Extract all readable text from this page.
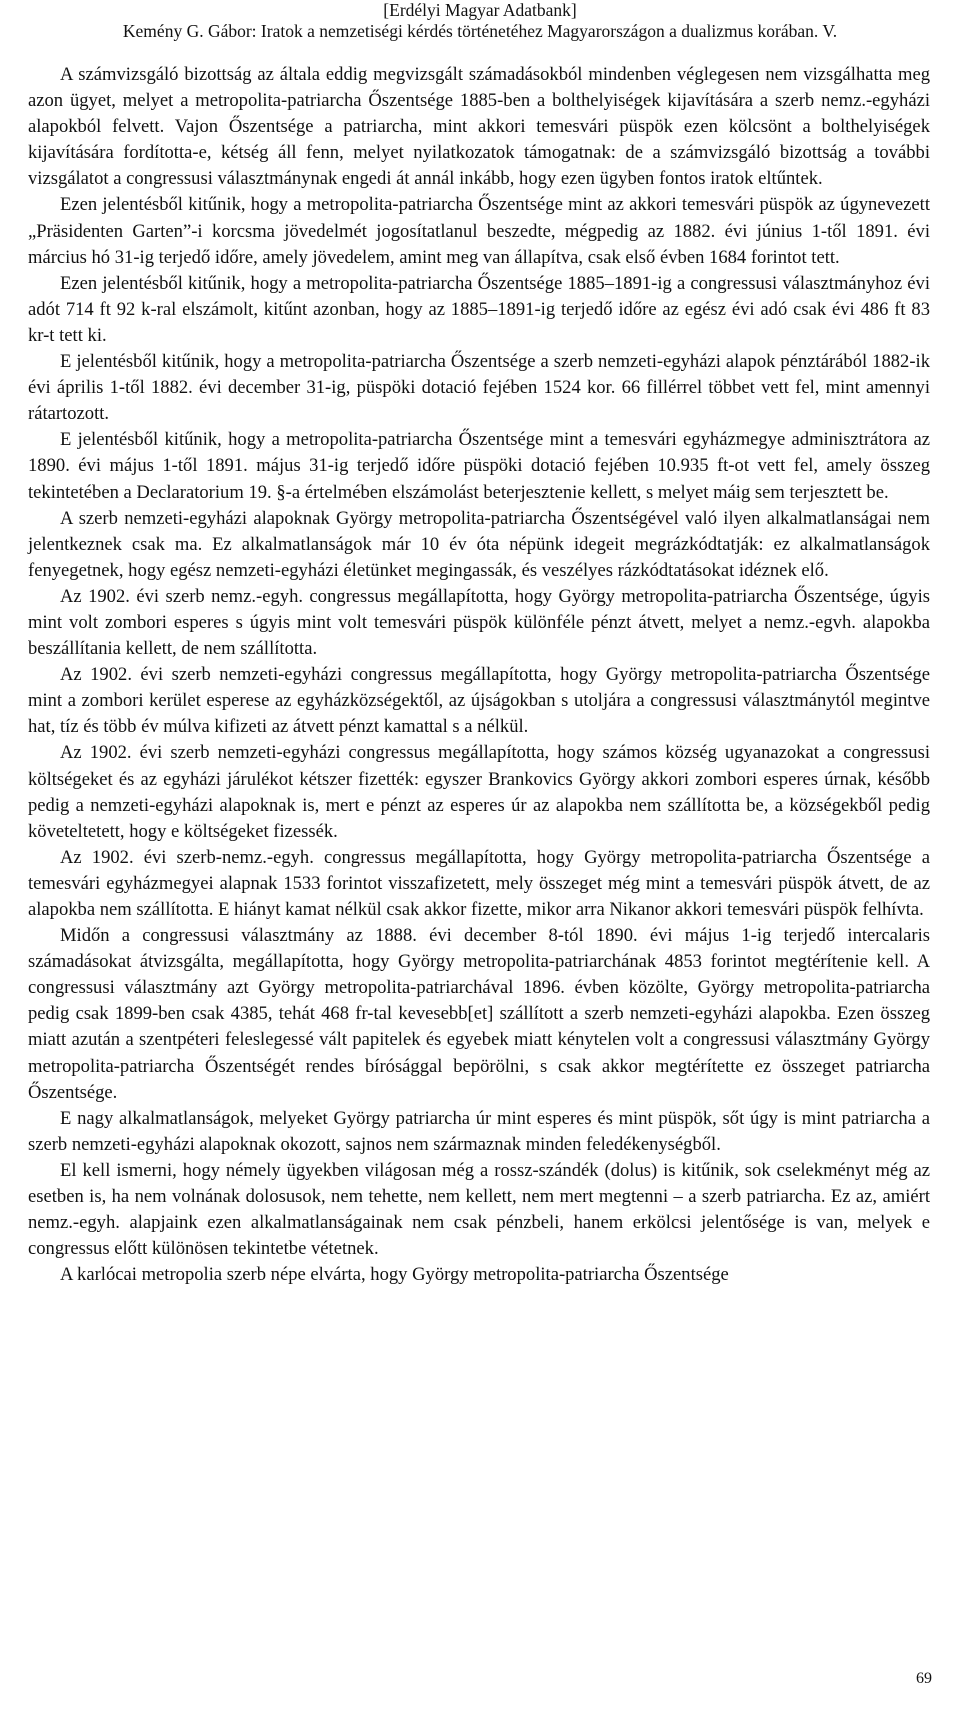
[Erdélyi Magyar Adatbank]
Kemény G. Gábor: Iratok a nemzetiségi kérdés történetéhez Magyarországon a dualizmus korában. V.

A számvizsgáló bizottság az általa eddig megvizsgált számadásokból mindenben véglegesen nem vizsgálhatta meg azon ügyet, melyet a metropolita-patriarcha Őszentsége 1885-ben a bolthelyiségek kijavítására a szerb nemz.-egyházi alapokból felvett. Vajon Őszentsége a patriarcha, mint akkori temesvári püspök ezen kölcsönt a bolthelyiségek kijavítására fordította-e, kétség áll fenn, melyet nyilatkozatok támogatnak: de a számvizsgáló bizottság a további vizsgálatot a congressusi választmánynak engedi át annál inkább, hogy ezen ügyben fontos iratok eltűntek.

Ezen jelentésből kitűnik, hogy a metropolita-patriarcha Őszentsége mint az akkori temesvári püspök az úgynevezett „Präsidenten Garten”-i korcsma jövedelmét jogosítatlanul beszedte, mégpedig az 1882. évi június 1-től 1891. évi március hó 31-ig terjedő időre, amely jövedelem, amint meg van állapítva, csak első évben 1684 forintot tett.

Ezen jelentésből kitűnik, hogy a metropolita-patriarcha Őszentsége 1885–1891-ig a congressusi választmányhoz évi adót 714 ft 92 k-ral elszámolt, kitűnt azonban, hogy az 1885–1891-ig terjedő időre az egész évi adó csak évi 486 ft 83 kr-t tett ki.

E jelentésből kitűnik, hogy a metropolita-patriarcha Őszentsége a szerb nemzeti-egyházi alapok pénztárából 1882-ik évi április 1-től 1882. évi december 31-ig, püspöki dotació fejében 1524 kor. 66 fillérrel többet vett fel, mint amennyi rátartozott.

E jelentésből kitűnik, hogy a metropolita-patriarcha Őszentsége mint a temesvári egyházmegye adminisztrátora az 1890. évi május 1-től 1891. május 31-ig terjedő időre püspöki dotació fejében 10.935 ft-ot vett fel, amely összeg tekintetében a Declaratorium 19. §-a értelmében elszámolást beterjesztenie kellett, s melyet máig sem terjesztett be.

A szerb nemzeti-egyházi alapoknak György metropolita-patriarcha Őszentségével való ilyen alkalmatlanságai nem jelentkeznek csak ma. Ez alkalmatlanságok már 10 év óta népünk idegeit megrázkódtatják: ez alkalmatlanságok fenyegetnek, hogy egész nemzeti-egyházi életünket megingassák, és veszélyes rázkódtatásokat idéznek elő.

Az 1902. évi szerb nemz.-egyh. congressus megállapította, hogy György metropolita-patriarcha Őszentsége, úgyis mint volt zombori esperes s úgyis mint volt temesvári püspök különféle pénzt átvett, melyet a nemz.-egvh. alapokba beszállítania kellett, de nem szállította.

Az 1902. évi szerb nemzeti-egyházi congressus megállapította, hogy György metropolita-patriarcha Őszentsége mint a zombori kerület esperese az egyházközségektől, az újságokban s utoljára a congressusi választmánytól megintve hat, tíz és több év múlva kifizeti az átvett pénzt kamattal s a nélkül.

Az 1902. évi szerb nemzeti-egyházi congressus megállapította, hogy számos község ugyanazokat a congressusi költségeket és az egyházi járulékot kétszer fizették: egyszer Brankovics György akkori zombori esperes úrnak, később pedig a nemzeti-egyházi alapoknak is, mert e pénzt az esperes úr az alapokba nem szállította be, a községekből pedig követeltetett, hogy e költségeket fizessék.

Az 1902. évi szerb-nemz.-egyh. congressus megállapította, hogy György metropolita-patriarcha Őszentsége a temesvári egyházmegyei alapnak 1533 forintot visszafizetett, mely összeget még mint a temesvári püspök átvett, de az alapokba nem szállította. E hiányt kamat nélkül csak akkor fizette, mikor arra Nikanor akkori temesvári püspök felhívta.

Midőn a congressusi választmány az 1888. évi december 8-tól 1890. évi május 1-ig terjedő intercalaris számadásokat átvizsgálta, megállapította, hogy György metropolita-patriarchának 4853 forintot megtérítenie kell. A congressusi választmány azt György metropolita-patriarchával 1896. évben közölte, György metropolita-patriarcha pedig csak 1899-ben csak 4385, tehát 468 fr-tal kevesebb[et] szállított a szerb nemzeti-egyházi alapokba. Ezen összeg miatt azután a szentpéteri feleslegessé vált papitelek és egyebek miatt kénytelen volt a congressusi választmány György metropolita-patriarcha Őszentségét rendes bírósággal bepörölni, s csak akkor megtérítette ez összeget patriarcha Őszentsége.

E nagy alkalmatlanságok, melyeket György patriarcha úr mint esperes és mint püspök, sőt úgy is mint patriarcha a szerb nemzeti-egyházi alapoknak okozott, sajnos nem származnak minden feledékenységből.

El kell ismerni, hogy némely ügyekben világosan még a rossz-szándék (dolus) is kitűnik, sok cselekményt még az esetben is, ha nem volnának dolosusok, nem tehette, nem kellett, nem mert megtenni – a szerb patriarcha. Ez az, amiért nemz.-egyh. alapjaink ezen alkalmatlanságainak nem csak pénzbeli, hanem erkölcsi jelentősége is van, melyek e congressus előtt különösen tekintetbe vétetnek.

A karlócai metropolia szerb népe elvárta, hogy György metropolita-patriarcha Őszentsége

69
